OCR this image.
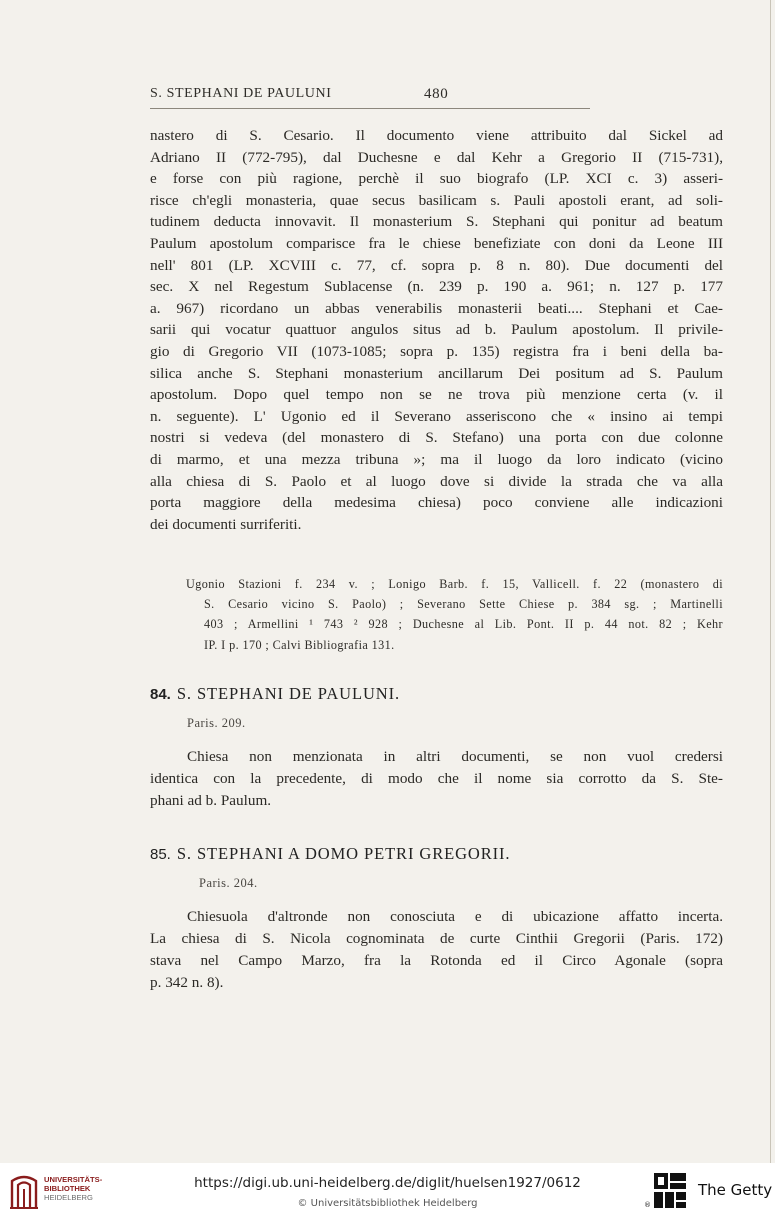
S. STEPHANI DE PAULUNI	480
nastero di S. Cesario. Il documento viene attribuito dal Sickel ad
Adriano II (772-795), dal Duchesne e dal Kehr a Gregorio II (715-731),
e forse con più ragione, perchè il suo biografo (LP. XCI c. 3) asseri-
risce ch'egli monasteria, quae secus basilicam s. Pauli apostoli erant, ad soli-
tudinem deducta innovavit. Il monasterium S. Stephani qui ponitur ad beatum
Paulum apostolum comparisce fra le chiese benefiziate con doni da Leone III
nell' 801 (LP. XCVIII c. 77, cf. sopra p. 8 n. 80). Due documenti del
sec. X nel Regestum Sublacense (n. 239 p. 190 a. 961; n. 127 p. 177
a. 967) ricordano un abbas venerabilis monasterii beati.... Stephani et Cae-
sarii qui vocatur quattuor angulos situs ad b. Paulum apostolum. Il privile-
gio di Gregorio VII (1073-1085; sopra p. 135) registra fra i beni della ba-
silica anche S. Stephani monasterium ancillarum Dei positum ad S. Paulum
apostolum. Dopo quel tempo non se ne trova più menzione certa (v. il
n. seguente). L' Ugonio ed il Severano asseriscono che « insino ai tempi
nostri si vedeva (del monastero di S. Stefano) una porta con due colonne
di marmo, et una mezza tribuna »; ma il luogo da loro indicato (vicino
alla chiesa di S. Paolo et al luogo dove si divide la strada che va alla
porta maggiore della medesima chiesa) poco conviene alle indicazioni
dei documenti surriferiti.
Ugonio Stazioni f. 234 v. ; Lonigo Barb. f. 15, Vallicell. f. 22 (monastero di
S. Cesario vicino S. Paolo) ; Severano Sette Chiese p. 384 sg. ; Martinelli
403 ; Armellini ¹ 743 ² 928 ; Duchesne al Lib. Pont. II p. 44 not. 82 ; Kehr
IP. I p. 170 ; Calvi Bibliografia 131.
84. S. STEPHANI DE PAULUNI.
Paris. 209.
Chiesa non menzionata in altri documenti, se non vuol credersi
identica con la precedente, di modo che il nome sia corrotto da S. Ste-
phani ad b. Paulum.
85. S. STEPHANI A DOMO PETRI GREGORII.
Paris. 204.
Chiesuola d'altronde non conosciuta e di ubicazione affatto incerta.
La chiesa di S. Nicola cognominata de curte Cinthii Gregorii (Paris. 172)
stava nel Campo Marzo, fra la Rotonda ed il Circo Agonale (sopra
p. 342 n. 8).
UNIVERSITÄTS-
BIBLIOTHEK
HEIDELBERG
https://digi.ub.uni-heidelberg.de/diglit/huelsen1927/0612
© Universitätsbibliothek Heidelberg	®
The Getty
